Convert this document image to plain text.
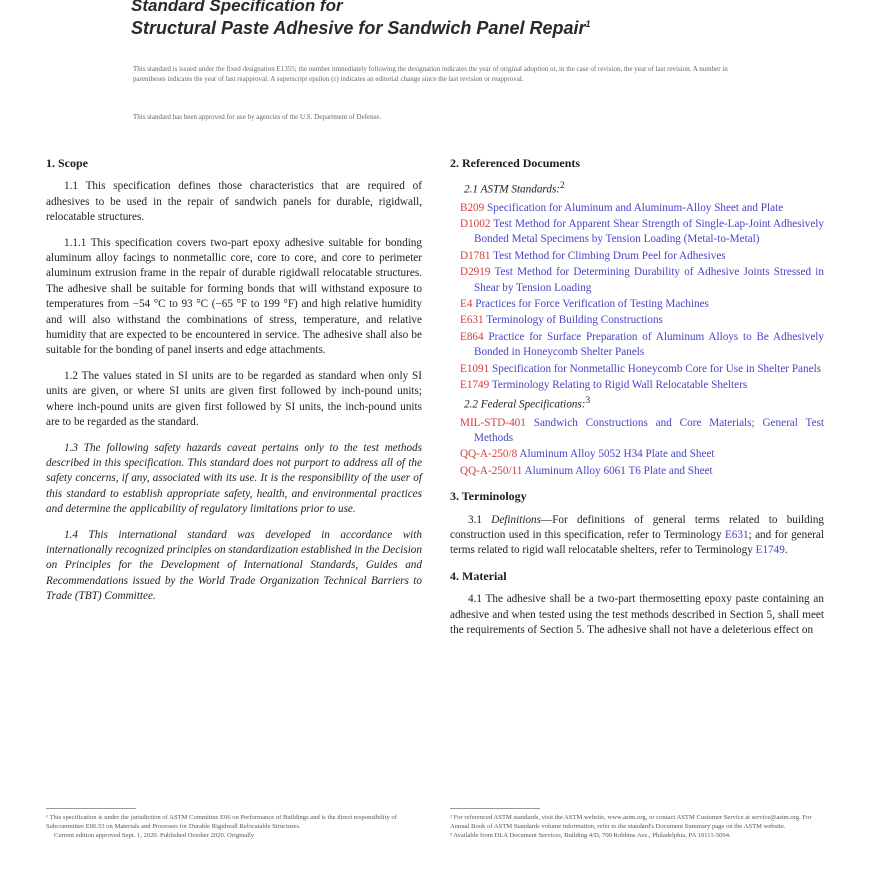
Standard Specification for
Structural Paste Adhesive for Sandwich Panel Repair$^1$
This standard is issued under the fixed designation E1355; the number immediately following the designation indicates the year of original adoption or, in the case of revision, the year of last revision. A number in parentheses indicates the year of last reapproval. A superscript epsilon (ε) indicates an editorial change since the last revision or reapproval.
This standard has been approved for use by agencies of the U.S. Department of Defense.
1. Scope
1.1 This specification defines those characteristics that are required of adhesives to be used in the repair of sandwich panels for durable, rigidwall, relocatable structures.
1.1.1 This specification covers two-part epoxy adhesive suitable for bonding aluminum alloy facings to nonmetallic core, core to core, and core to perimeter aluminum extrusion frame in the repair of durable rigidwall relocatable structures. The adhesive shall be suitable for forming bonds that will withstand exposure to temperatures from −54 °C to 93 °C (−65 °F to 199 °F) and high relative humidity and will also withstand the combinations of stress, temperature, and relative humidity that are expected to be encountered in service. The adhesive shall also be suitable for the bonding of panel inserts and edge attachments.
1.2 The values stated in SI units are to be regarded as standard when only SI units are given, or where SI units are given first followed by inch-pound units; where inch-pound units are given first followed by SI units, the inch-pound units are to be regarded as the standard.
1.3 The following safety hazards caveat pertains only to the test methods described in this specification. This standard does not purport to address all of the safety concerns, if any, associated with its use. It is the responsibility of the user of this standard to establish appropriate safety, health, and environmental practices and determine the applicability of regulatory limitations prior to use.
1.4 This international standard was developed in accordance with internationally recognized principles on standardization established in the Decision on Principles for the Development of International Standards, Guides and Recommendations issued by the World Trade Organization Technical Barriers to Trade (TBT) Committee.
2. Referenced Documents
2.1 ASTM Standards:$^2$
B209 Specification for Aluminum and Aluminum-Alloy Sheet and Plate
D1002 Test Method for Apparent Shear Strength of Single-Lap-Joint Adhesively Bonded Metal Specimens by Tension Loading (Metal-to-Metal)
D1781 Test Method for Climbing Drum Peel for Adhesives
D2919 Test Method for Determining Durability of Adhesive Joints Stressed in Shear by Tension Loading
E4 Practices for Force Verification of Testing Machines
E631 Terminology of Building Constructions
E864 Practice for Surface Preparation of Aluminum Alloys to Be Adhesively Bonded in Honeycomb Shelter Panels
E1091 Specification for Nonmetallic Honeycomb Core for Use in Shelter Panels
E1749 Terminology Relating to Rigid Wall Relocatable Shelters
2.2 Federal Specifications:$^3$
MIL-STD-401 Sandwich Constructions and Core Materials; General Test Methods
QQ-A-250/8 Aluminum Alloy 5052 H34 Plate and Sheet
QQ-A-250/11 Aluminum Alloy 6061 T6 Plate and Sheet
3. Terminology
3.1 Definitions—For definitions of general terms related to building construction used in this specification, refer to Terminology E631; and for general terms related to rigid wall relocatable shelters, refer to Terminology E1749.
4. Material
4.1 The adhesive shall be a two-part thermosetting epoxy paste containing an adhesive and when tested using the test methods described in Section 5, shall meet the requirements of Section 5. The adhesive shall not have a deleterious effect on
¹ This specification is under the jurisdiction of ASTM Committee E06 on Performance of Buildings and is the direct responsibility of Subcommittee E06.53 on Materials and Processes for Durable Rigidwall Relocatable Structures.
Current edition approved Sept. 1, 2020. Published October 2020. Originally
² For referenced ASTM standards, visit the ASTM website, www.astm.org, or contact ASTM Customer Service at service@astm.org. For Annual Book of ASTM Standards volume information, refer to the standard's Document Summary page on the ASTM website.
³ Available from DLA Document Services, Building 4/D, 700 Robbins Ave., Philadelphia, PA 19111-5094.
